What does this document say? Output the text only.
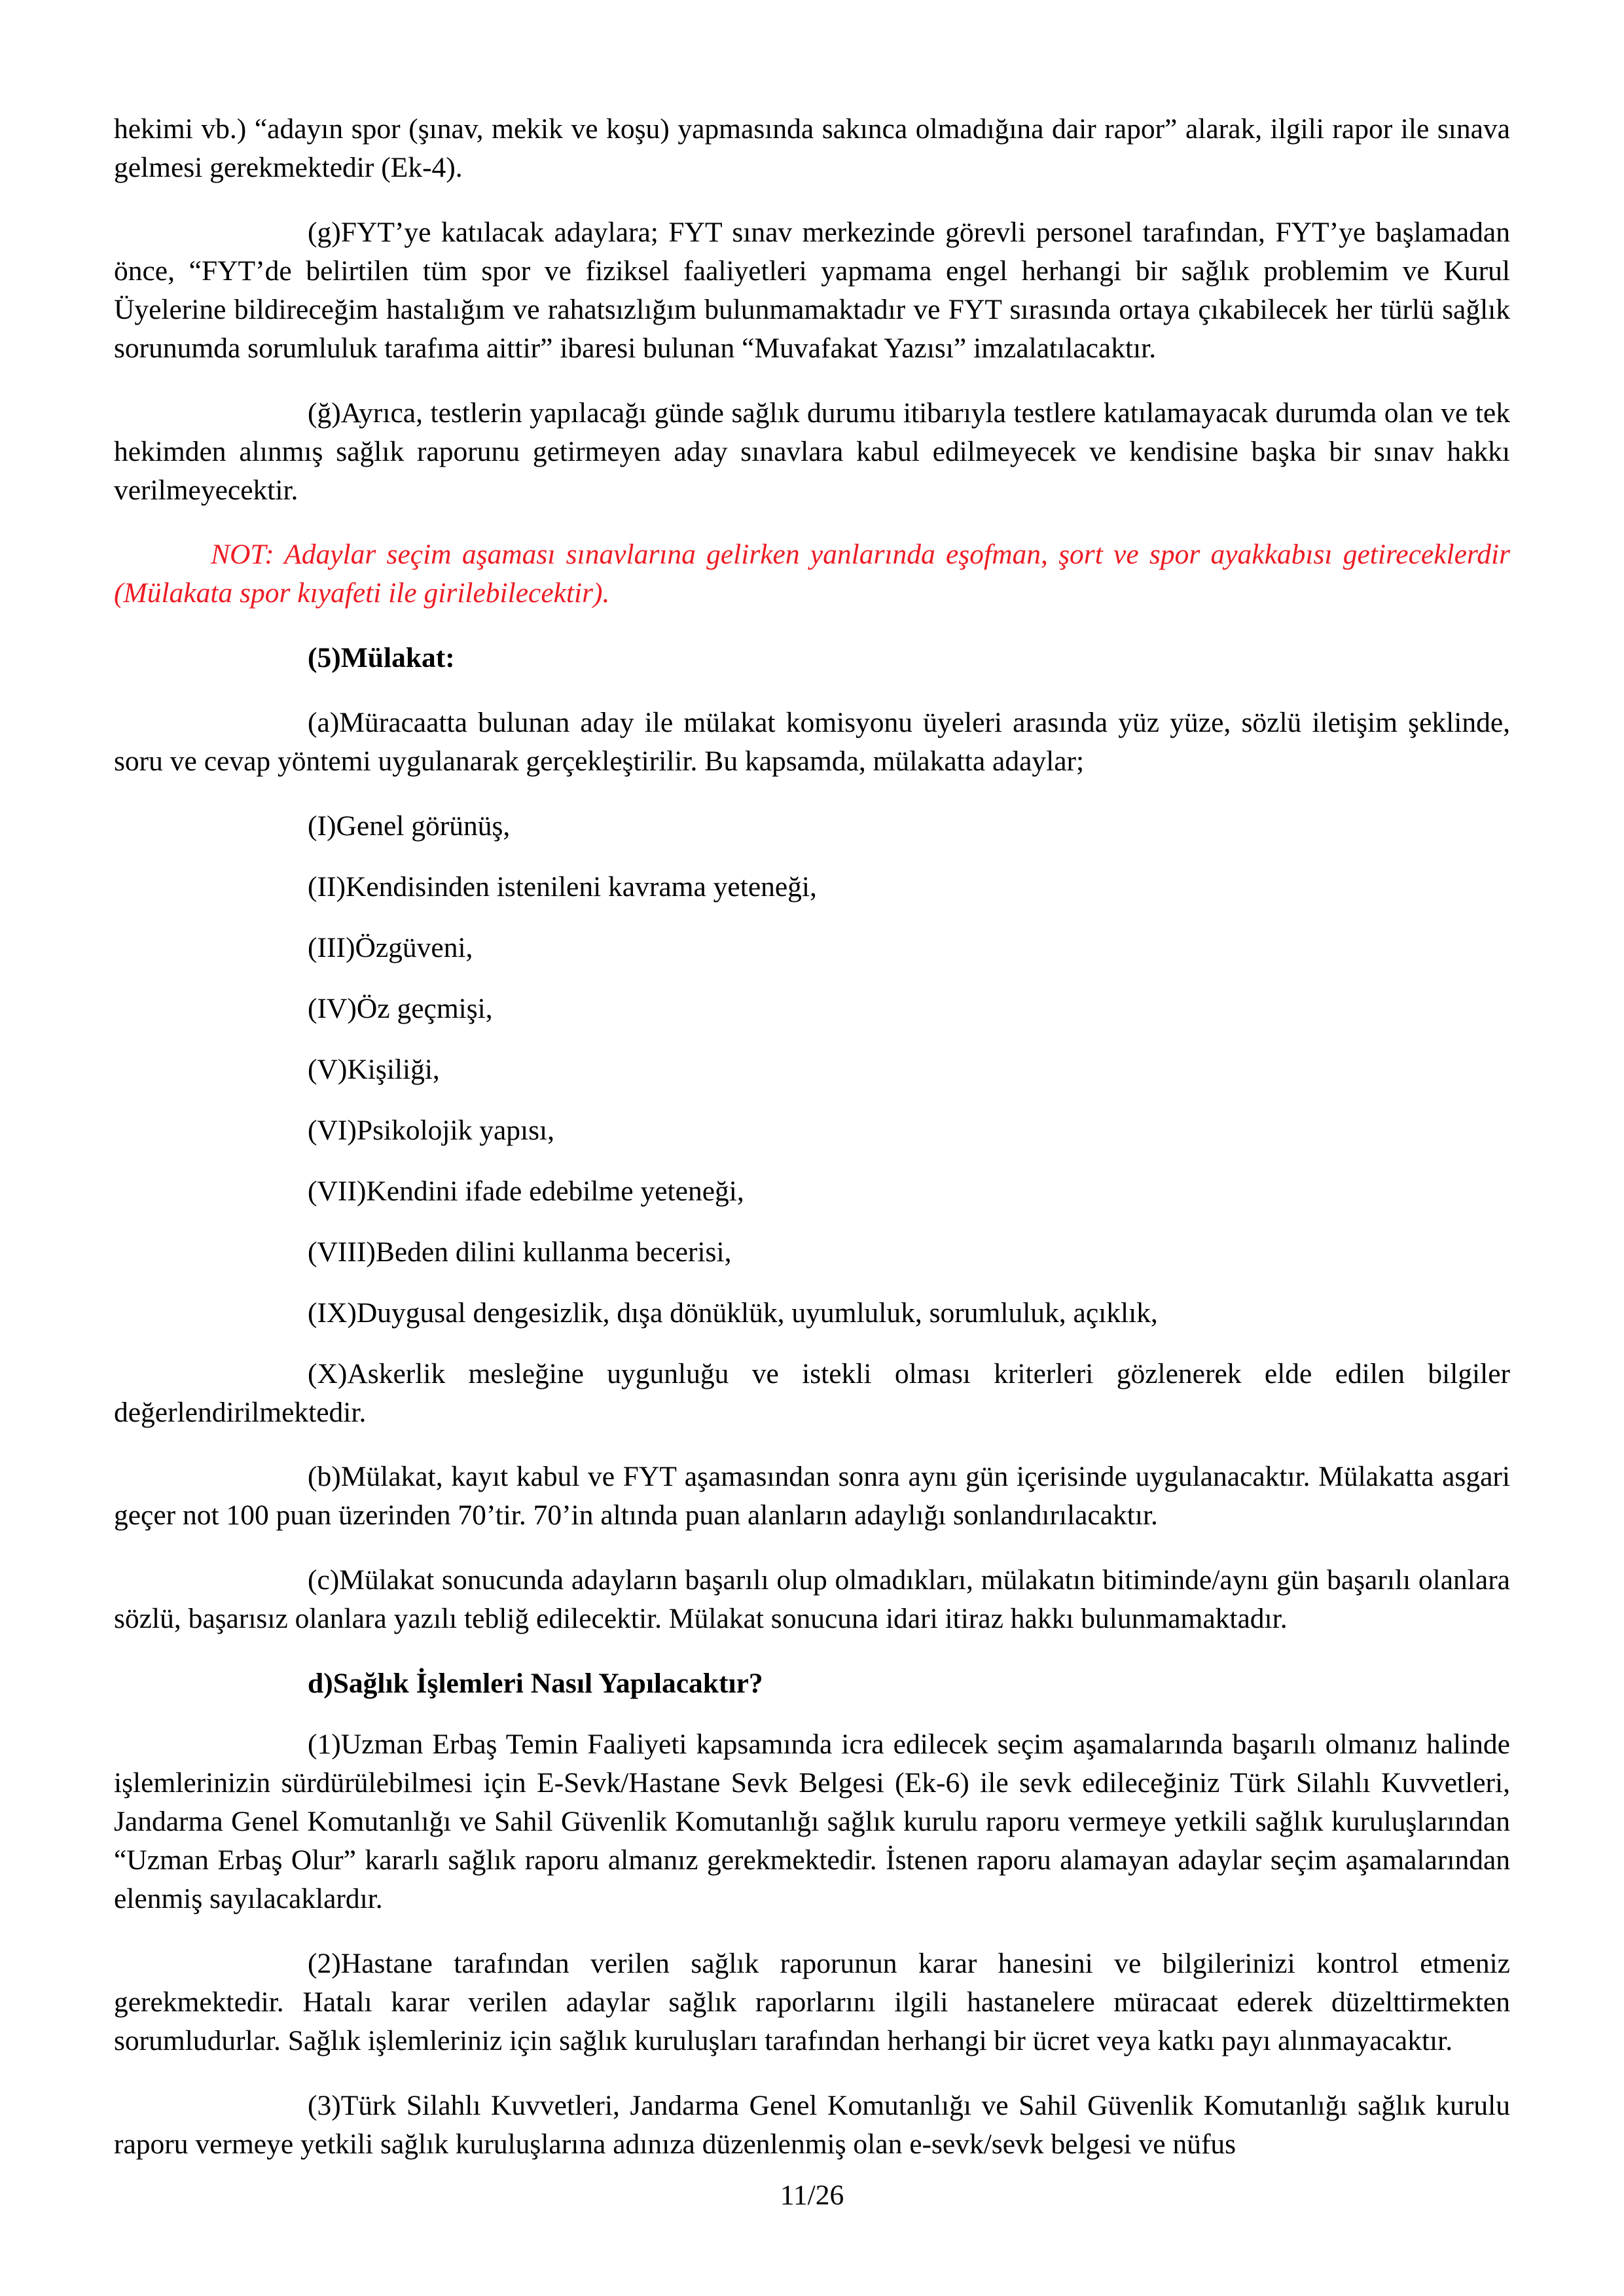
hekimi vb.) “adayın spor (şınav, mekik ve koşu) yapmasında sakınca olmadığına dair rapor” alarak, ilgili rapor ile sınava gelmesi gerekmektedir (Ek-4).

(g)FYT’ye katılacak adaylara; FYT sınav merkezinde görevli personel tarafından, FYT’ye başlamadan önce, “FYT’de belirtilen tüm spor ve fiziksel faaliyetleri yapmama engel herhangi bir sağlık problemim ve Kurul Üyelerine bildireceğim hastalığım ve rahatsızlığım bulunmamaktadır ve FYT sırasında ortaya çıkabilecek her türlü sağlık sorunumda sorumluluk tarafıma aittir” ibaresi bulunan “Muvafakat Yazısı” imzalatılacaktır.

(ğ)Ayrıca, testlerin yapılacağı günde sağlık durumu itibarıyla testlere katılamayacak durumda olan ve tek hekimden alınmış sağlık raporunu getirmeyen aday sınavlara kabul edilmeyecek ve kendisine başka bir sınav hakkı verilmeyecektir.

NOT: Adaylar seçim aşaması sınavlarına gelirken yanlarında eşofman, şort ve spor ayakkabısı getireceklerdir (Mülakata spor kıyafeti ile girilebilecektir).

(5)Mülakat:

(a)Müracaatta bulunan aday ile mülakat komisyonu üyeleri arasında yüz yüze, sözlü iletişim şeklinde, soru ve cevap yöntemi uygulanarak gerçekleştirilir. Bu kapsamda, mülakatta adaylar;

(I)Genel görünüş,

(II)Kendisinden istenileni kavrama yeteneği,

(III)Özgüveni,

(IV)Öz geçmişi,

(V)Kişiliği,

(VI)Psikolojik yapısı,

(VII)Kendini ifade edebilme yeteneği,

(VIII)Beden dilini kullanma becerisi,

(IX)Duygusal dengesizlik, dışa dönüklük, uyumluluk, sorumluluk, açıklık,

(X)Askerlik mesleğine uygunluğu ve istekli olması kriterleri gözlenerek elde edilen bilgiler değerlendirilmektedir.

(b)Mülakat, kayıt kabul ve FYT aşamasından sonra aynı gün içerisinde uygulanacaktır. Mülakatta asgari geçer not 100 puan üzerinden 70’tir. 70’in altında puan alanların adaylığı sonlandırılacaktır.

(c)Mülakat sonucunda adayların başarılı olup olmadıkları, mülakatın bitiminde/aynı gün başarılı olanlara sözlü, başarısız olanlara yazılı tebliğ edilecektir. Mülakat sonucuna idari itiraz hakkı bulunmamaktadır.

d)Sağlık İşlemleri Nasıl Yapılacaktır?

(1)Uzman Erbaş Temin Faaliyeti kapsamında icra edilecek seçim aşamalarında başarılı olmanız halinde işlemlerinizin sürdürülebilmesi için E-Sevk/Hastane Sevk Belgesi (Ek-6) ile sevk edileceğiniz Türk Silahlı Kuvvetleri, Jandarma Genel Komutanlığı ve Sahil Güvenlik Komutanlığı sağlık kurulu raporu vermeye yetkili sağlık kuruluşlarından “Uzman Erbaş Olur” kararlı sağlık raporu almanız gerekmektedir. İstenen raporu alamayan adaylar seçim aşamalarından elenmiş sayılacaklardır.

(2)Hastane tarafından verilen sağlık raporunun karar hanesini ve bilgilerinizi kontrol etmeniz gerekmektedir. Hatalı karar verilen adaylar sağlık raporlarını ilgili hastanelere müracaat ederek düzelttirmekten sorumludurlar. Sağlık işlemleriniz için sağlık kuruluşları tarafından herhangi bir ücret veya katkı payı alınmayacaktır.

(3)Türk Silahlı Kuvvetleri, Jandarma Genel Komutanlığı ve Sahil Güvenlik Komutanlığı sağlık kurulu raporu vermeye yetkili sağlık kuruluşlarına adınıza düzenlenmiş olan e-sevk/sevk belgesi ve nüfus

11/26
